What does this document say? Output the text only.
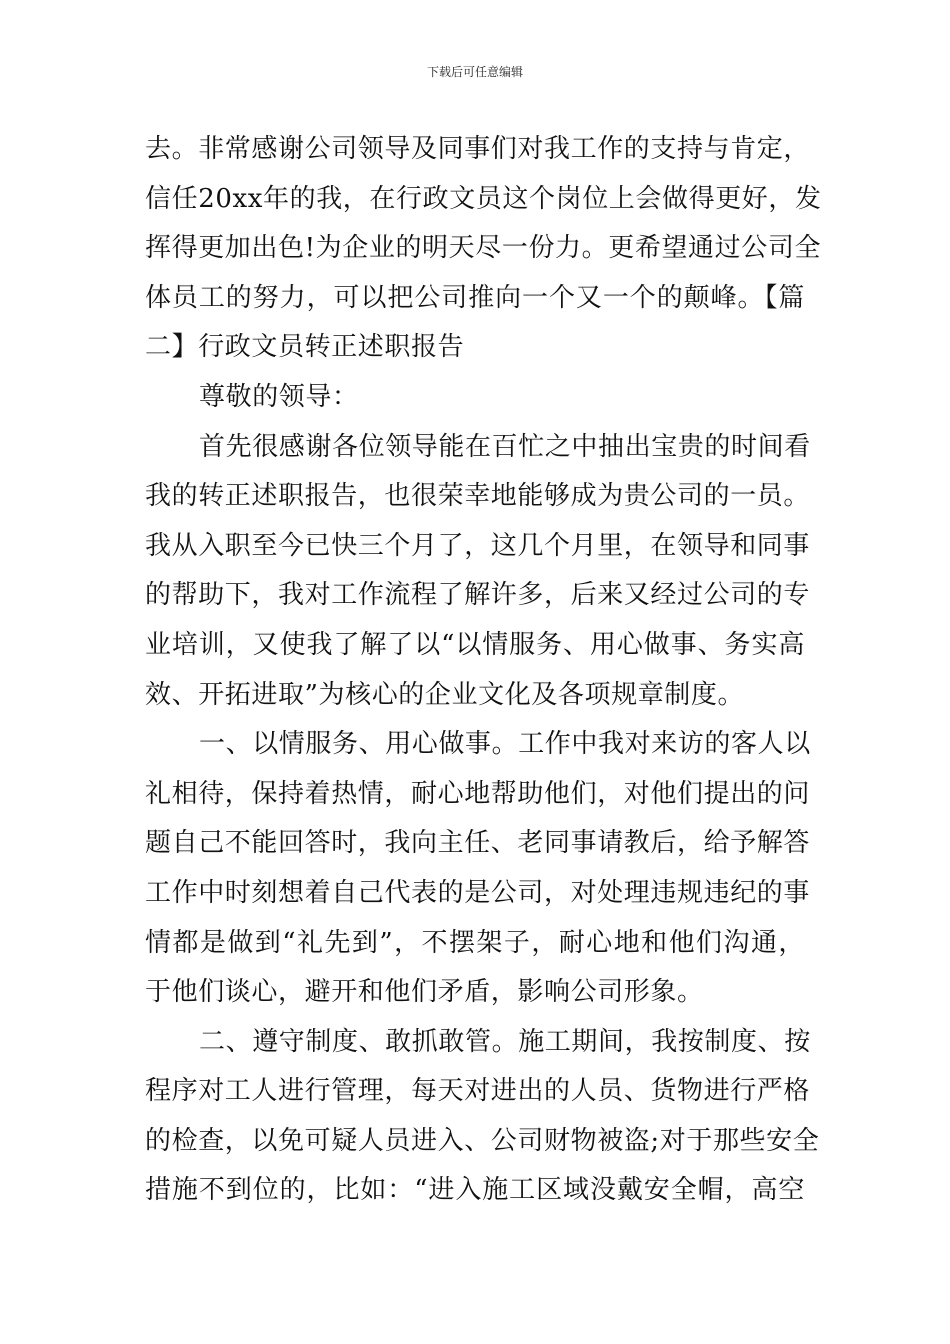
下载后可任意编辑
去。非常感谢公司领导及同事们对我工作的支持与肯定，
信任20xx年的我，在行政文员这个岗位上会做得更好，发
挥得更加出色!为企业的明天尽一份力。更希望通过公司全
体员工的努力，可以把公司推向一个又一个的颠峰。【篇
二】行政文员转正述职报告
尊敬的领导：
首先很感谢各位领导能在百忙之中抽出宝贵的时间看
我的转正述职报告，也很荣幸地能够成为贵公司的一员。
我从入职至今已快三个月了，这几个月里，在领导和同事
的帮助下，我对工作流程了解许多，后来又经过公司的专
业培训，又使我了解了以“以情服务、用心做事、务实高
效、开拓进取”为核心的企业文化及各项规章制度。
一、以情服务、用心做事。工作中我对来访的客人以
礼相待，保持着热情，耐心地帮助他们，对他们提出的问
题自己不能回答时，我向主任、老同事请教后，给予解答
工作中时刻想着自己代表的是公司，对处理违规违纪的事
情都是做到“礼先到”，不摆架子，耐心地和他们沟通，
于他们谈心，避开和他们矛盾，影响公司形象。
二、遵守制度、敢抓敢管。施工期间，我按制度、按
程序对工人进行管理，每天对进出的人员、货物进行严格
的检查，以免可疑人员进入、公司财物被盗;对于那些安全
措施不到位的，比如：“进入施工区域没戴安全帽，高空
